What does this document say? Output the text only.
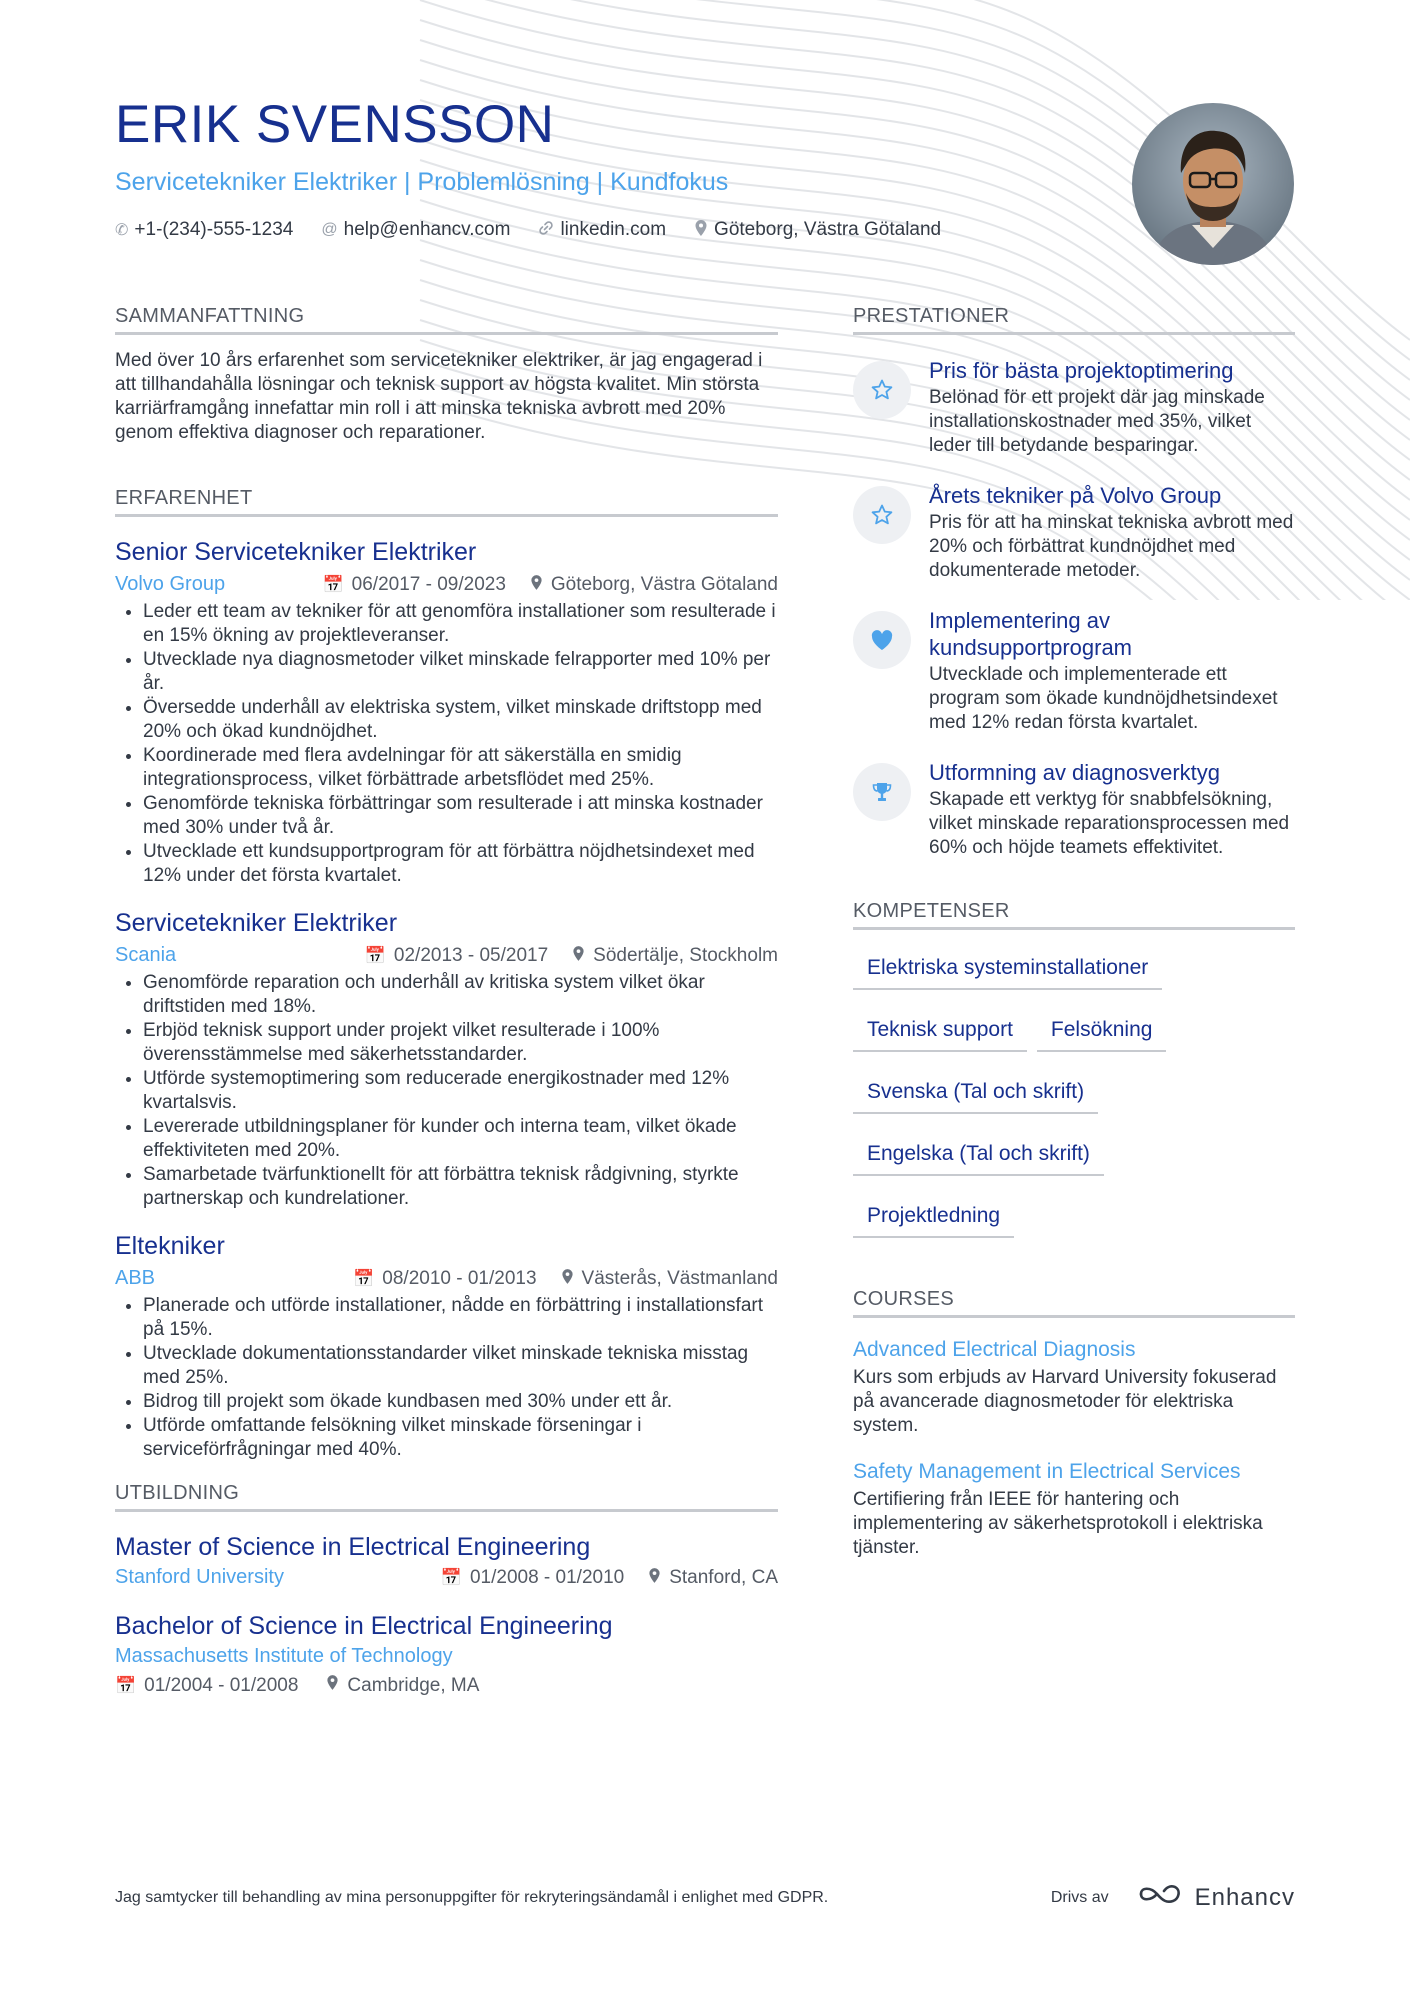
ERIK SVENSSON
Servicetekniker Elektriker | Problemlösning | Kundfokus
✆ +1-(234)-555-1234 @ help@enhancv.com	linkedin.com	Göteborg, Västra Götaland
SAMMANFATTNING

Med över 10 års erfarenhet som servicetekniker elektriker, är jag engagerad i att tillhandahålla lösningar och teknisk support av högsta kvalitet. Min största karriärframgång innefattar min roll i att minska tekniska avbrott med 20% genom effektiva diagnoser och reparationer.

ERFARENHET
Senior Servicetekniker Elektriker
Volvo Group	📅 06/2017 - 09/2023 Göteborg, Västra Götaland
• Leder ett team av tekniker för att genomföra installationer som resulterade i en 15% ökning av projektleveranser.
• Utvecklade nya diagnosmetoder vilket minskade felrapporter med 10% per år.
• Översedde underhåll av elektriska system, vilket minskade driftstopp med 20% och ökad kundnöjdhet.
• Koordinerade med flera avdelningar för att säkerställa en smidig integrationsprocess, vilket förbättrade arbetsflödet med 25%.
• Genomförde tekniska förbättringar som resulterade i att minska kostnader med 30% under två år.
• Utvecklade ett kundsupportprogram för att förbättra nöjdhetsindexet med 12% under det första kvartalet.
Servicetekniker Elektriker
Scania	📅 02/2013 - 05/2017 Södertälje, Stockholm
• Genomförde reparation och underhåll av kritiska system vilket ökar driftstiden med 18%.
• Erbjöd teknisk support under projekt vilket resulterade i 100% överensstämmelse med säkerhetsstandarder.
• Utförde systemoptimering som reducerade energikostnader med 12% kvartalsvis.
• Levererade utbildningsplaner för kunder och interna team, vilket ökade effektiviteten med 20%.
• Samarbetade tvärfunktionellt för att förbättra teknisk rådgivning, styrkte partnerskap och kundrelationer.
Eltekniker
ABB	📅 08/2010 - 01/2013 Västerås, Västmanland
• Planerade och utförde installationer, nådde en förbättring i installationsfart på 15%.
• Utvecklade dokumentationsstandarder vilket minskade tekniska misstag med 25%.
• Bidrog till projekt som ökade kundbasen med 30% under ett år.
• Utförde omfattande felsökning vilket minskade förseningar i serviceförfrågningar med 40%.
UTBILDNING
Master of Science in Electrical Engineering
Stanford University	📅 01/2008 - 01/2010 Stanford, CA
Bachelor of Science in Electrical Engineering
Massachusetts Institute of Technology
📅 01/2004 - 01/2008	Cambridge, MA
PRESTATIONER
Pris för bästa projektoptimering

Belönad för ett projekt där jag minskade installationskostnader med 35%, vilket leder till betydande besparingar.

Årets tekniker på Volvo Group

Pris för att ha minskat tekniska avbrott med 20% och förbättrat kundnöjdhet med dokumenterade metoder.

Implementering av kundsupportprogram

Utvecklade och implementerade ett program som ökade kundnöjdhetsindexet med 12% redan första kvartalet.

Utformning av diagnosverktyg

Skapade ett verktyg för snabbfelsökning, vilket minskade reparationsprocessen med 60% och höjde teamets effektivitet.

KOMPETENSER
Elektriska systeminstallationer
Teknisk support	Felsökning
Svenska (Tal och skrift)
Engelska (Tal och skrift)
Projektledning
COURSES
Advanced Electrical Diagnosis

Kurs som erbjuds av Harvard University fokuserad på avancerade diagnosmetoder för elektriska system.

Safety Management in Electrical Services

Certifiering från IEEE för hantering och implementering av säkerhetsprotokoll i elektriska tjänster.

Jag samtycker till behandling av mina personuppgifter för rekryteringsändamål i enlighet med GDPR.	Drivs av	Enhancv
